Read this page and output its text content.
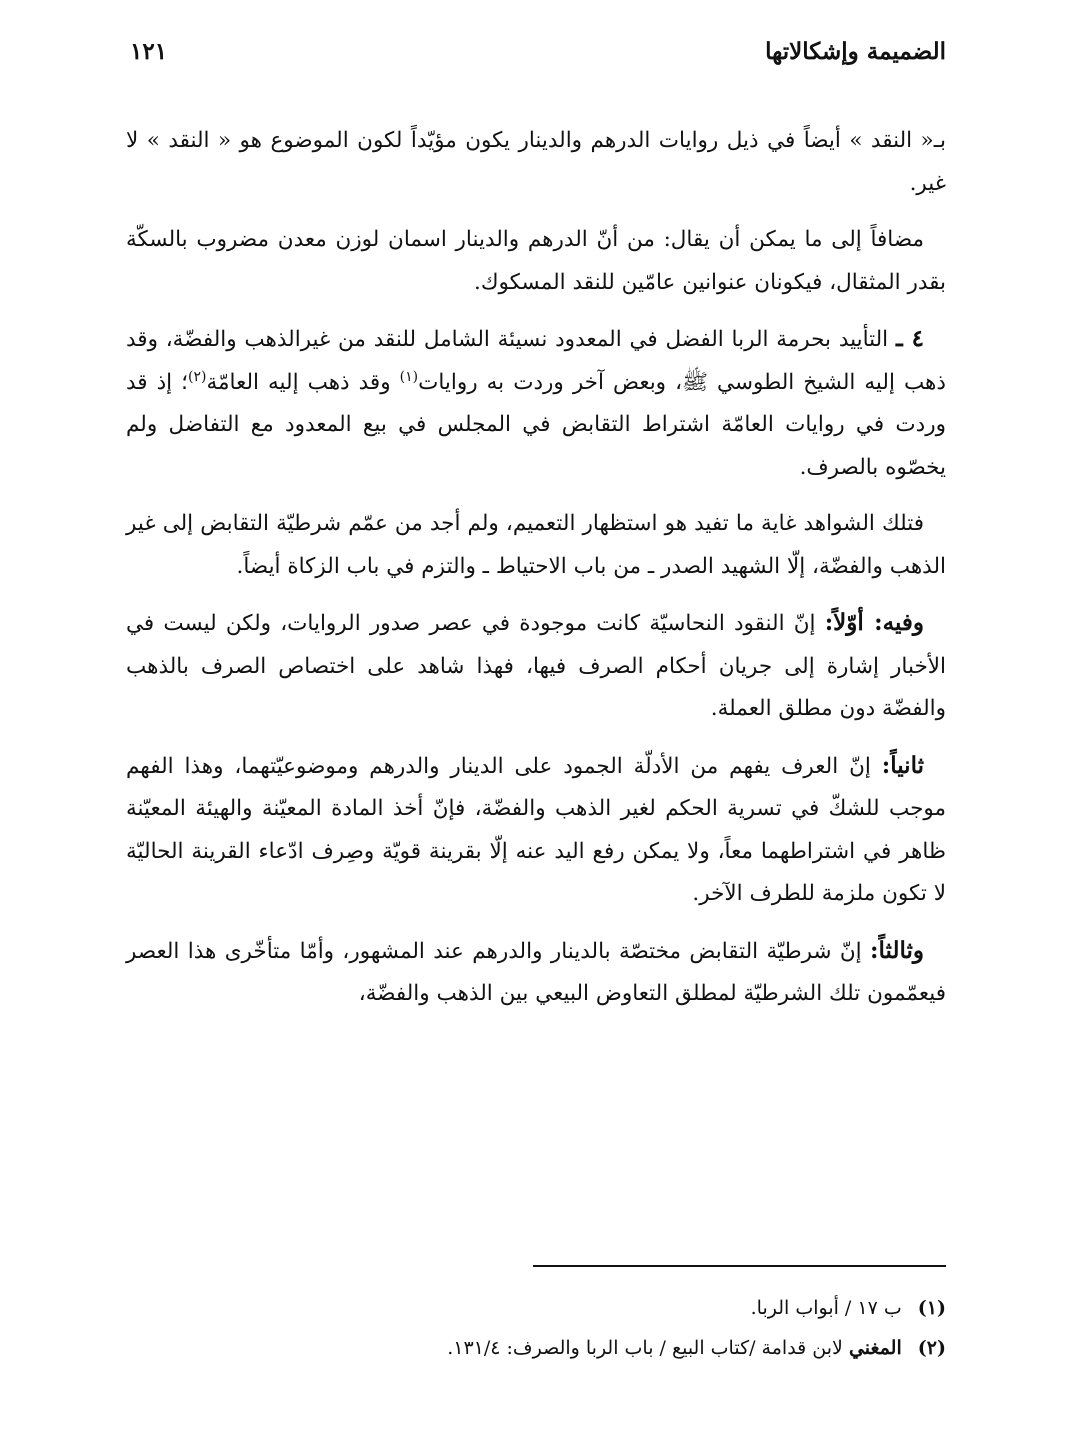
الضميمة وإشكالاتها
١٢١

بـ« النقد » أيضاً في ذيل روايات الدرهم والدينار يكون مؤيّداً لكون الموضوع هو « النقد » لا غير.

مضافاً إلى ما يمكن أن يقال: من أنّ الدرهم والدينار اسمان لوزن معدن مضروب بالسكّة بقدر المثقال، فيكونان عنوانين عامّين للنقد المسكوك.

٤ ـ التأييد بحرمة الربا الفضل في المعدود نسيئة الشامل للنقد من غيرالذهب والفضّة، وقد ذهب إليه الشيخ الطوسي ﷺ، وبعض آخر وردت به روايات$^{(١)}$ وقد ذهب إليه العامّة$^{(٢)}$؛ إذ قد وردت في روايات العامّة اشتراط التقابض في المجلس في بيع المعدود مع التفاضل ولم يخصّوه بالصرف.

فتلك الشواهد غاية ما تفيد هو استظهار التعميم، ولم أجد من عمّم شرطيّة التقابض إلى غير الذهب والفضّة، إلّا الشهيد الصدر ـ من باب الاحتياط ـ والتزم في باب الزكاة أيضاً.

وفيه: أوّلاً: إنّ النقود النحاسيّة كانت موجودة في عصر صدور الروايات، ولكن ليست في الأخبار إشارة إلى جريان أحكام الصرف فيها، فهذا شاهد على اختصاص الصرف بالذهب والفضّة دون مطلق العملة.

ثانياً: إنّ العرف يفهم من الأدلّة الجمود على الدينار والدرهم وموضوعيّتهما، وهذا الفهم موجب للشكّ في تسرية الحكم لغير الذهب والفضّة، فإنّ أخذ المادة المعيّنة والهيئة المعيّنة ظاهر في اشتراطهما معاً، ولا يمكن رفع اليد عنه إلّا بقرينة قويّة وصِرف ادّعاء القرينة الحاليّة لا تكون ملزمة للطرف الآخر.

وثالثاً: إنّ شرطيّة التقابض مختصّة بالدينار والدرهم عند المشهور، وأمّا متأخّرى هذا العصر فيعمّمون تلك الشرطيّة لمطلق التعاوض البيعي بين الذهب والفضّة،

(١) ب ١٧ / أبواب الربا.

(٢) المغني لابن قدامة /كتاب البيع / باب الربا والصرف: ١٣١/٤.
